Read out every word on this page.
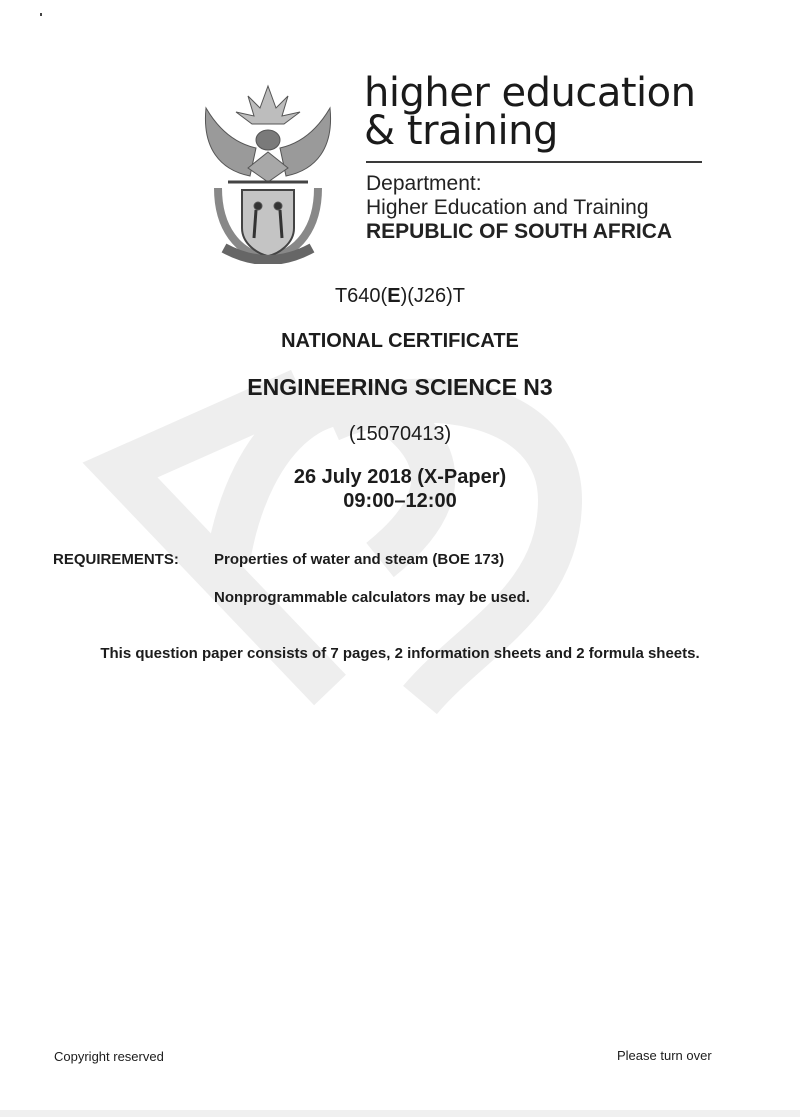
higher education
& training
Department:
Higher Education and Training
REPUBLIC OF SOUTH AFRICA
T640(E)(J26)T
NATIONAL CERTIFICATE
ENGINEERING SCIENCE N3
(15070413)
26 July 2018 (X-Paper)
09:00–12:00
REQUIREMENTS: Properties of water and steam (BOE 173)
Nonprogrammable calculators may be used.
This question paper consists of 7 pages, 2 information sheets and 2 formula sheets.
Copyright reserved	Please turn over
